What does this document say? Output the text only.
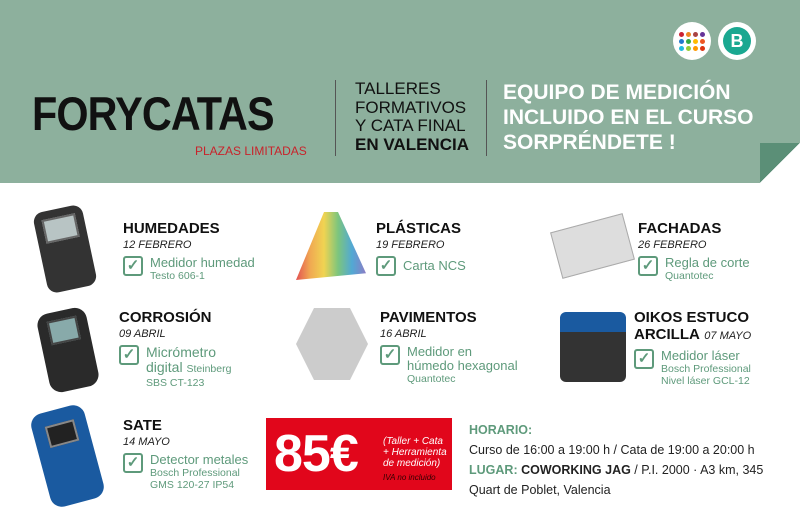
B
FORYCATAS
PLAZAS LIMITADAS
TALLERES
FORMATIVOS
Y CATA FINAL
EN VALENCIA
EQUIPO DE MEDICIÓN
INCLUIDO EN EL CURSO
SORPRÉNDETE !
HUMEDADES
12 FEBRERO
✓ Medidor humedad
Testo 606-1
PLÁSTICAS
19 FEBRERO
✓ Carta NCS
FACHADAS
26 FEBRERO
✓ Regla de corte
Quantotec
CORROSIÓN
09 ABRIL
✓ Micrómetro
digital Steinberg
SBS CT-123
PAVIMENTOS
16 ABRIL
✓ Medidor en
húmedo hexagonal
Quantotec
OIKOS ESTUCO
ARCILLA 07 MAYO
✓ Medidor láser
Bosch Professional
Nivel láser GCL-12
SATE
14 MAYO
✓ Detector metales
Bosch Professional
GMS 120-27 IP54
85€	(Taller + Cata
+ Herramienta
de medición)
IVA no incluido
HORARIO:
Curso de 16:00 a 19:00 h / Cata de 19:00 a 20:00 h
LUGAR: COWORKING JAG / P.I. 2000 · A3 km, 345
Quart de Poblet, Valencia
